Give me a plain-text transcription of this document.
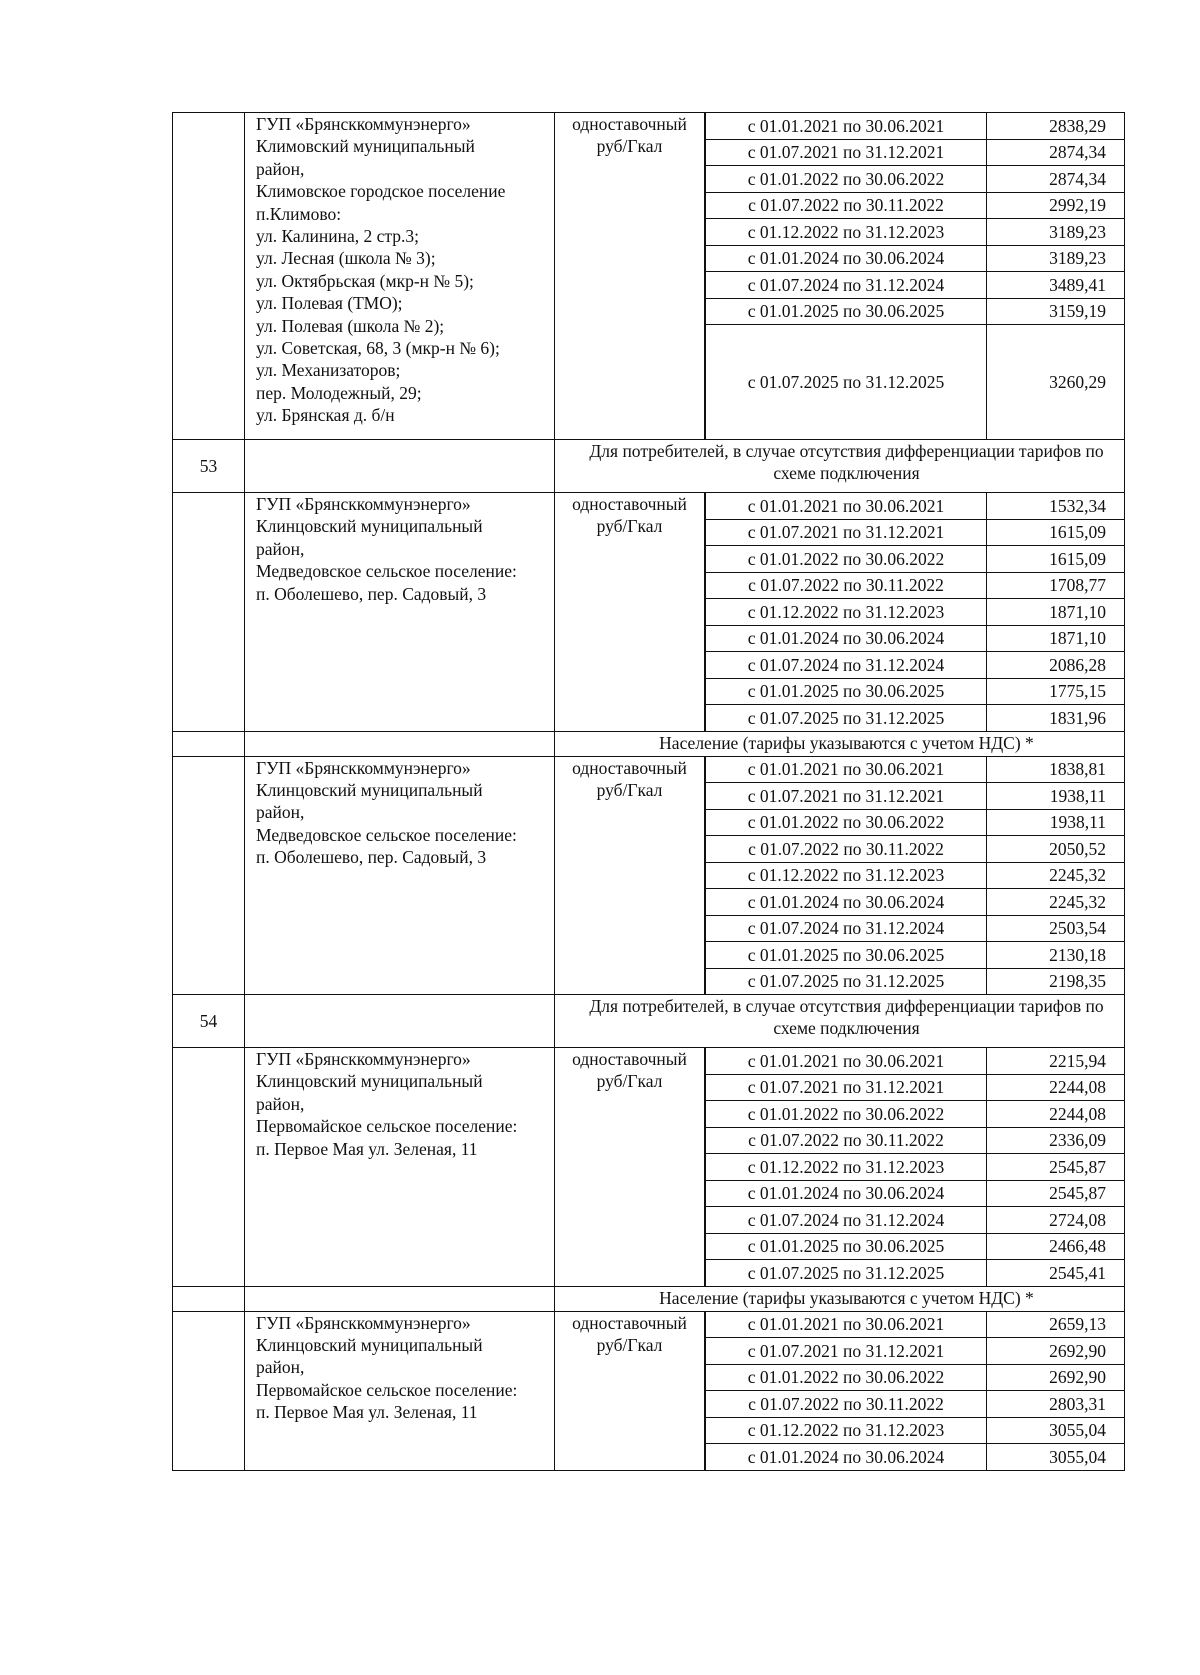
	ГУП «Брянсккоммунэнерго»
Климовский муниципальный
район,
Климовское городское поселение
п.Климово:
ул. Калинина, 2 стр.3;
ул. Лесная (школа № 3);
ул. Октябрьская (мкр-н № 5);
ул. Полевая (ТМО);
ул. Полевая (школа № 2);
ул. Советская, 68, 3 (мкр-н № 6);
ул. Механизаторов;
пер. Молодежный, 29;
ул. Брянская д. б/н	одноставочный
руб/Гкал	
с 01.01.2021 по 30.06.2021	2838,29
с 01.07.2021 по 31.12.2021	2874,34
с 01.01.2022 по 30.06.2022	2874,34
с 01.07.2022 по 30.11.2022	2992,19
с 01.12.2022 по 31.12.2023	3189,23
с 01.01.2024 по 30.06.2024	3189,23
с 01.07.2024 по 31.12.2024	3489,41
с 01.01.2025 по 30.06.2025	3159,19
с 01.07.2025 по 31.12.2025	3260,29

53		Для потребителей, в случае отсутствия дифференциации тарифов по схеме подключения
	ГУП «Брянсккоммунэнерго»
Клинцовский муниципальный
район,
Медведовское сельское поселение:
п. Оболешево, пер. Садовый, 3	одноставочный
руб/Гкал	
с 01.01.2021 по 30.06.2021	1532,34
с 01.07.2021 по 31.12.2021	1615,09
с 01.01.2022 по 30.06.2022	1615,09
с 01.07.2022 по 30.11.2022	1708,77
с 01.12.2022 по 31.12.2023	1871,10
с 01.01.2024 по 30.06.2024	1871,10
с 01.07.2024 по 31.12.2024	2086,28
с 01.01.2025 по 30.06.2025	1775,15
с 01.07.2025 по 31.12.2025	1831,96

		Население (тарифы указываются с учетом НДС) *
	ГУП «Брянсккоммунэнерго»
Клинцовский муниципальный
район,
Медведовское сельское поселение:
п. Оболешево, пер. Садовый, 3	одноставочный
руб/Гкал	
с 01.01.2021 по 30.06.2021	1838,81
с 01.07.2021 по 31.12.2021	1938,11
с 01.01.2022 по 30.06.2022	1938,11
с 01.07.2022 по 30.11.2022	2050,52
с 01.12.2022 по 31.12.2023	2245,32
с 01.01.2024 по 30.06.2024	2245,32
с 01.07.2024 по 31.12.2024	2503,54
с 01.01.2025 по 30.06.2025	2130,18
с 01.07.2025 по 31.12.2025	2198,35

54		Для потребителей, в случае отсутствия дифференциации тарифов по схеме подключения
	ГУП «Брянсккоммунэнерго»
Клинцовский муниципальный
район,
Первомайское сельское поселение:
п. Первое Мая ул. Зеленая, 11	одноставочный
руб/Гкал	
с 01.01.2021 по 30.06.2021	2215,94
с 01.07.2021 по 31.12.2021	2244,08
с 01.01.2022 по 30.06.2022	2244,08
с 01.07.2022 по 30.11.2022	2336,09
с 01.12.2022 по 31.12.2023	2545,87
с 01.01.2024 по 30.06.2024	2545,87
с 01.07.2024 по 31.12.2024	2724,08
с 01.01.2025 по 30.06.2025	2466,48
с 01.07.2025 по 31.12.2025	2545,41

		Население (тарифы указываются с учетом НДС) *
	ГУП «Брянсккоммунэнерго»
Клинцовский муниципальный
район,
Первомайское сельское поселение:
п. Первое Мая ул. Зеленая, 11	одноставочный
руб/Гкал	
с 01.01.2021 по 30.06.2021	2659,13
с 01.07.2021 по 31.12.2021	2692,90
с 01.01.2022 по 30.06.2022	2692,90
с 01.07.2022 по 30.11.2022	2803,31
с 01.12.2022 по 31.12.2023	3055,04
с 01.01.2024 по 30.06.2024	3055,04
